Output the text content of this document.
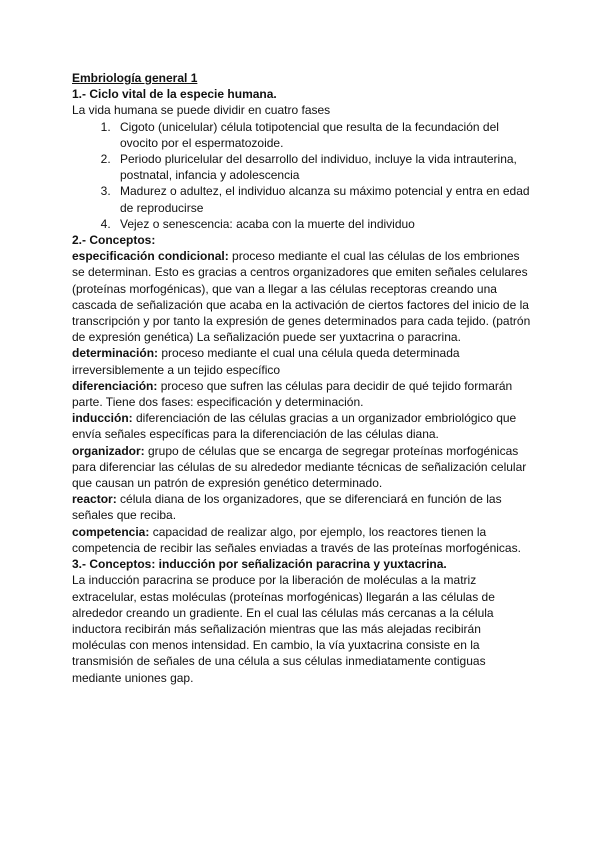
Embriología general 1
1.- Ciclo vital de la especie humana.
La vida humana se puede dividir en cuatro fases
1. Cigoto (unicelular) célula totipotencial que resulta de la fecundación del ovocito por el espermatozoide.
2. Periodo pluricelular del desarrollo del individuo, incluye la vida intrauterina, postnatal, infancia y adolescencia
3. Madurez o adultez, el individuo alcanza su máximo potencial y entra en edad de reproducirse
4. Vejez o senescencia: acaba con la muerte del individuo
2.- Conceptos:
especificación condicional: proceso mediante el cual las células de los embriones se determinan. Esto es gracias a centros organizadores que emiten señales celulares (proteínas morfogénicas), que van a llegar a las células receptoras creando una cascada de señalización que acaba en la activación de ciertos factores del inicio de la transcripción y por tanto la expresión de genes determinados para cada tejido. (patrón de expresión genética) La señalización puede ser yuxtacrina o paracrina.
determinación: proceso mediante el cual una célula queda determinada irreversiblemente a un tejido específico
diferenciación: proceso que sufren las células para decidir de qué tejido formarán parte. Tiene dos fases: especificación y determinación.
inducción: diferenciación de las células gracias a un organizador embriológico que envía señales específicas para la diferenciación de las células diana.
organizador: grupo de células que se encarga de segregar proteínas morfogénicas para diferenciar las células de su alrededor mediante técnicas de señalización celular que causan un patrón de expresión genético determinado.
reactor: célula diana de los organizadores, que se diferenciará en función de las señales que reciba.
competencia: capacidad de realizar algo, por ejemplo, los reactores tienen la competencia de recibir las señales enviadas a través de las proteínas morfogénicas.
3.- Conceptos: inducción por señalización paracrina y yuxtacrina.
La inducción paracrina se produce por la liberación de moléculas a la matriz extracelular, estas moléculas (proteínas morfogénicas) llegarán a las células de alrededor creando un gradiente. En el cual las células más cercanas a la célula inductora recibirán más señalización mientras que las más alejadas recibirán moléculas con menos intensidad. En cambio, la vía yuxtacrina consiste en la transmisión de señales de una célula a sus células inmediatamente contiguas mediante uniones gap.
